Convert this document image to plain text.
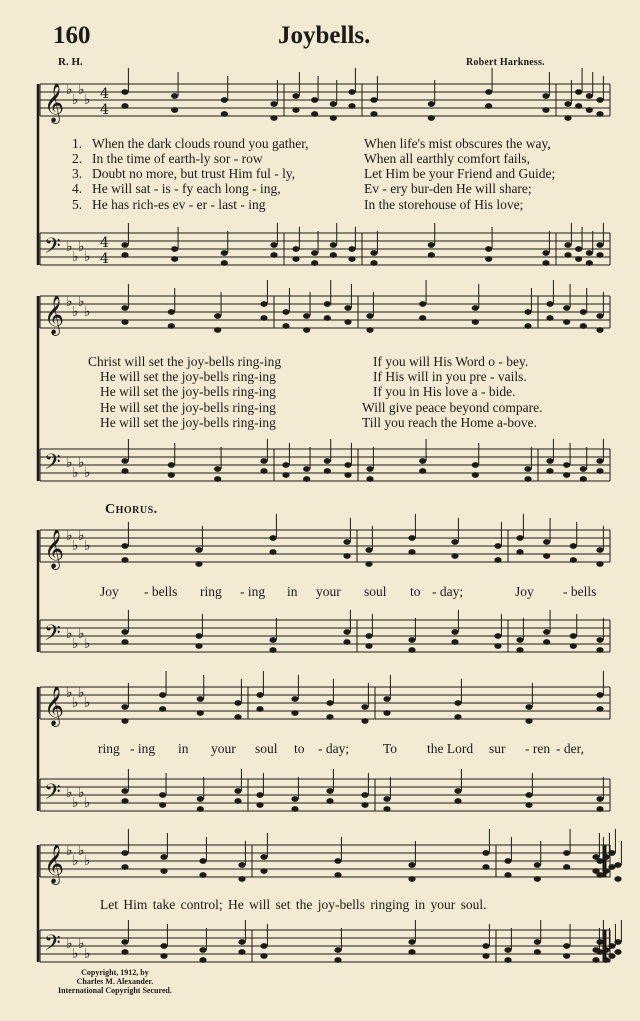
160	Joybells.
R. H.	Robert Harkness.
𝄞
𝄢
♭
♭
♭
♭
♭
♭
♭
♭
4
4
4
4
𝄞
𝄢
♭
♭
♭
♭
♭
♭
♭
♭
𝄞
𝄢
♭
♭
♭
♭
♭
♭
♭
♭
𝄞
𝄢
♭
♭
♭
♭
♭
♭
♭
♭
𝄞
𝄢
♭
♭
♭
♭
♭
♭
♭
♭
Chorus.
Let Him take control; He will set the joy-bells ringing in your soul.
Copyright, 1912, by
Charles M. Alexander.
International Copyright Secured.
1. When the dark clouds round you gather,	When life's mist obscures the way,
2. In the time of earth-ly sor - row	When all earthly comfort fails,
3. Doubt no more, but trust Him ful - ly,	Let Him be your Friend and Guide;
4. He will sat - is - fy each long - ing,	Ev - ery bur-den He will share;
5. He has rich-es ev - er - last - ing	In the storehouse of His love;
Christ will set the joy-bells ring-ing	If you will His Word o - bey.
He will set the joy-bells ring-ing	If His will in you pre - vails.
He will set the joy-bells ring-ing	If you in His love a - bide.
He will set the joy-bells ring-ing	Will give peace beyond compare.
He will set the joy-bells ring-ing	Till you reach the Home a-bove.
Joy - bells ring - ing in your soul to - day;	Joy - bells
ring - ing in your soul to - day;	To the Lord sur - ren - der,
